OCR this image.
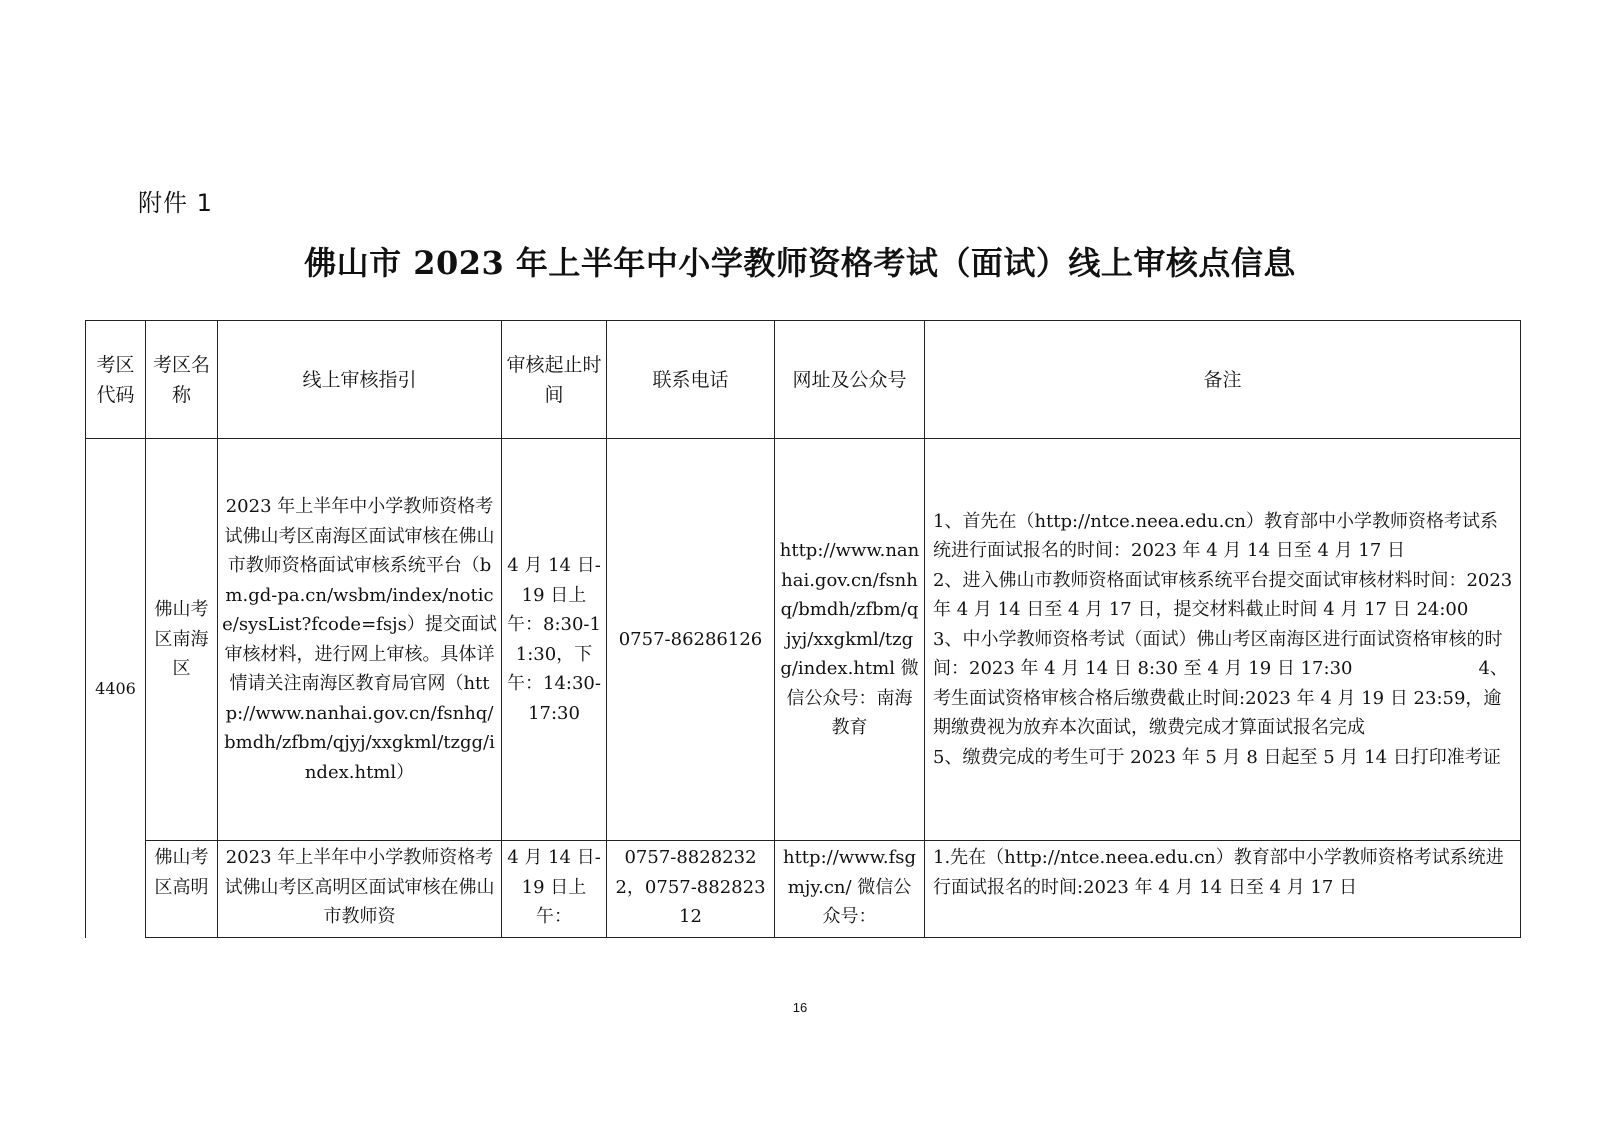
附件 1
佛山市 2023 年上半年中小学教师资格考试（面试）线上审核点信息
考区代码	考区名称	线上审核指引	审核起止时间	联系电话	网址及公众号	备注
4406	佛山考区南海区	2023 年上半年中小学教师资格考试佛山考区南海区面试审核在佛山市教师资格面试审核系统平台（bm.gd-pa.cn/wsbm/index/notice/sysList?fcode=fsjs）提交面试审核材料，进行网上审核。具体详情请关注南海区教育局官网（http://www.nanhai.gov.cn/fsnhq/bmdh/zfbm/qjyj/xxgkml/tzgg/index.html）	4 月 14 日-19 日上午：8:30-11:30，下午：14:30-17:30	0757-86286126	http://www.nanhai.gov.cn/fsnhq/bmdh/zfbm/qjyj/xxgkml/tzgg/index.html 微信公众号：南海教育	1、首先在（http://ntce.neea.edu.cn）教育部中小学教师资格考试系统进行面试报名的时间：2023 年 4 月 14 日至 4 月 17 日
2、进入佛山市教师资格面试审核系统平台提交面试审核材料时间：2023 年 4 月 14 日至 4 月 17 日，提交材料截止时间 4 月 17 日 24:00　　　　　　3、中小学教师资格考试（面试）佛山考区南海区进行面试资格审核的时间：2023 年 4 月 14 日 8:30 至 4 月 19 日 17:30　　　　　　　4、考生面试资格审核合格后缴费截止时间:2023 年 4 月 19 日 23:59，逾期缴费视为放弃本次面试，缴费完成才算面试报名完成
5、缴费完成的考生可于 2023 年 5 月 8 日起至 5 月 14 日打印准考证

	佛山考区高明	2023 年上半年中小学教师资格考试佛山考区高明区面试审核在佛山市教师资	4 月 14 日-19 日上午：	0757-88282322，0757-88282312	http://www.fsgmjy.cn/ 微信公众号：	1.先在（http://ntce.neea.edu.cn）教育部中小学教师资格考试系统进行面试报名的时间:2023 年 4 月 14 日至 4 月 17 日
16
